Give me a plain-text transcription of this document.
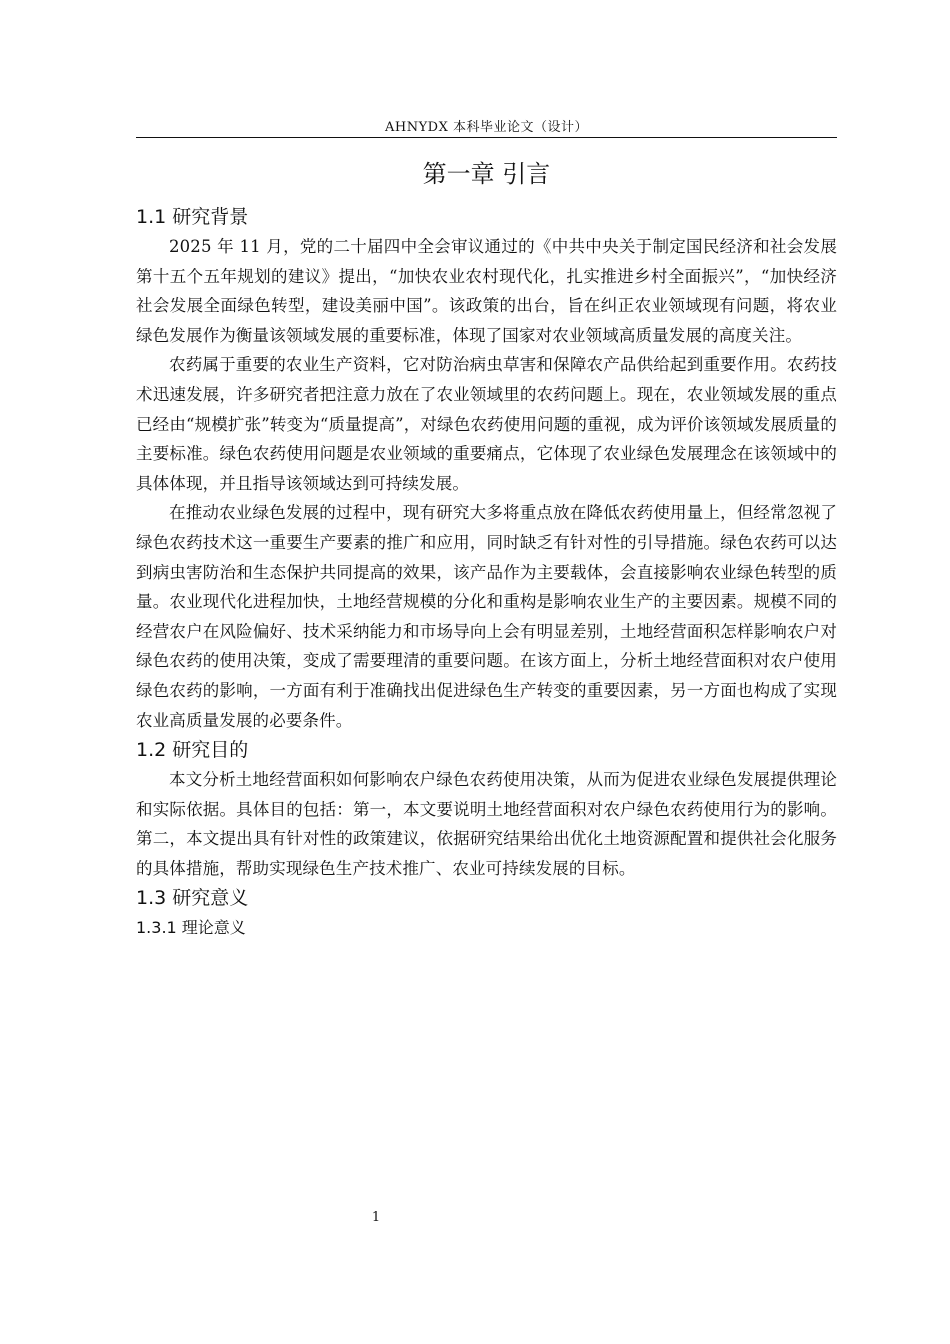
AHNYDX 本科毕业论文（设计）
第一章 引言
1.1 研究背景

2025 年 11 月，党的二十届四中全会审议通过的《中共中央关于制定国民经济和社会发展第十五个五年规划的建议》提出，“加快农业农村现代化，扎实推进乡村全面振兴”，“加快经济社会发展全面绿色转型，建设美丽中国”。该政策的出台，旨在纠正农业领域现有问题，将农业绿色发展作为衡量该领域发展的重要标准，体现了国家对农业领域高质量发展的高度关注。

农药属于重要的农业生产资料，它对防治病虫草害和保障农产品供给起到重要作用。农药技术迅速发展，许多研究者把注意力放在了农业领域里的农药问题上。现在，农业领域发展的重点已经由“规模扩张”转变为“质量提高”，对绿色农药使用问题的重视，成为评价该领域发展质量的主要标准。绿色农药使用问题是农业领域的重要痛点，它体现了农业绿色发展理念在该领域中的具体体现，并且指导该领域达到可持续发展。

在推动农业绿色发展的过程中，现有研究大多将重点放在降低农药使用量上，但经常忽视了绿色农药技术这一重要生产要素的推广和应用，同时缺乏有针对性的引导措施。绿色农药可以达到病虫害防治和生态保护共同提高的效果，该产品作为主要载体，会直接影响农业绿色转型的质量。农业现代化进程加快，土地经营规模的分化和重构是影响农业生产的主要因素。规模不同的经营农户在风险偏好、技术采纳能力和市场导向上会有明显差别，土地经营面积怎样影响农户对绿色农药的使用决策，变成了需要理清的重要问题。在该方面上，分析土地经营面积对农户使用绿色农药的影响，一方面有利于准确找出促进绿色生产转变的重要因素，另一方面也构成了实现农业高质量发展的必要条件。

1.2 研究目的

本文分析土地经营面积如何影响农户绿色农药使用决策，从而为促进农业绿色发展提供理论和实际依据。具体目的包括：第一，本文要说明土地经营面积对农户绿色农药使用行为的影响。第二，本文提出具有针对性的政策建议，依据研究结果给出优化土地资源配置和提供社会化服务的具体措施，帮助实现绿色生产技术推广、农业可持续发展的目标。

1.3 研究意义
1.3.1 理论意义
1
